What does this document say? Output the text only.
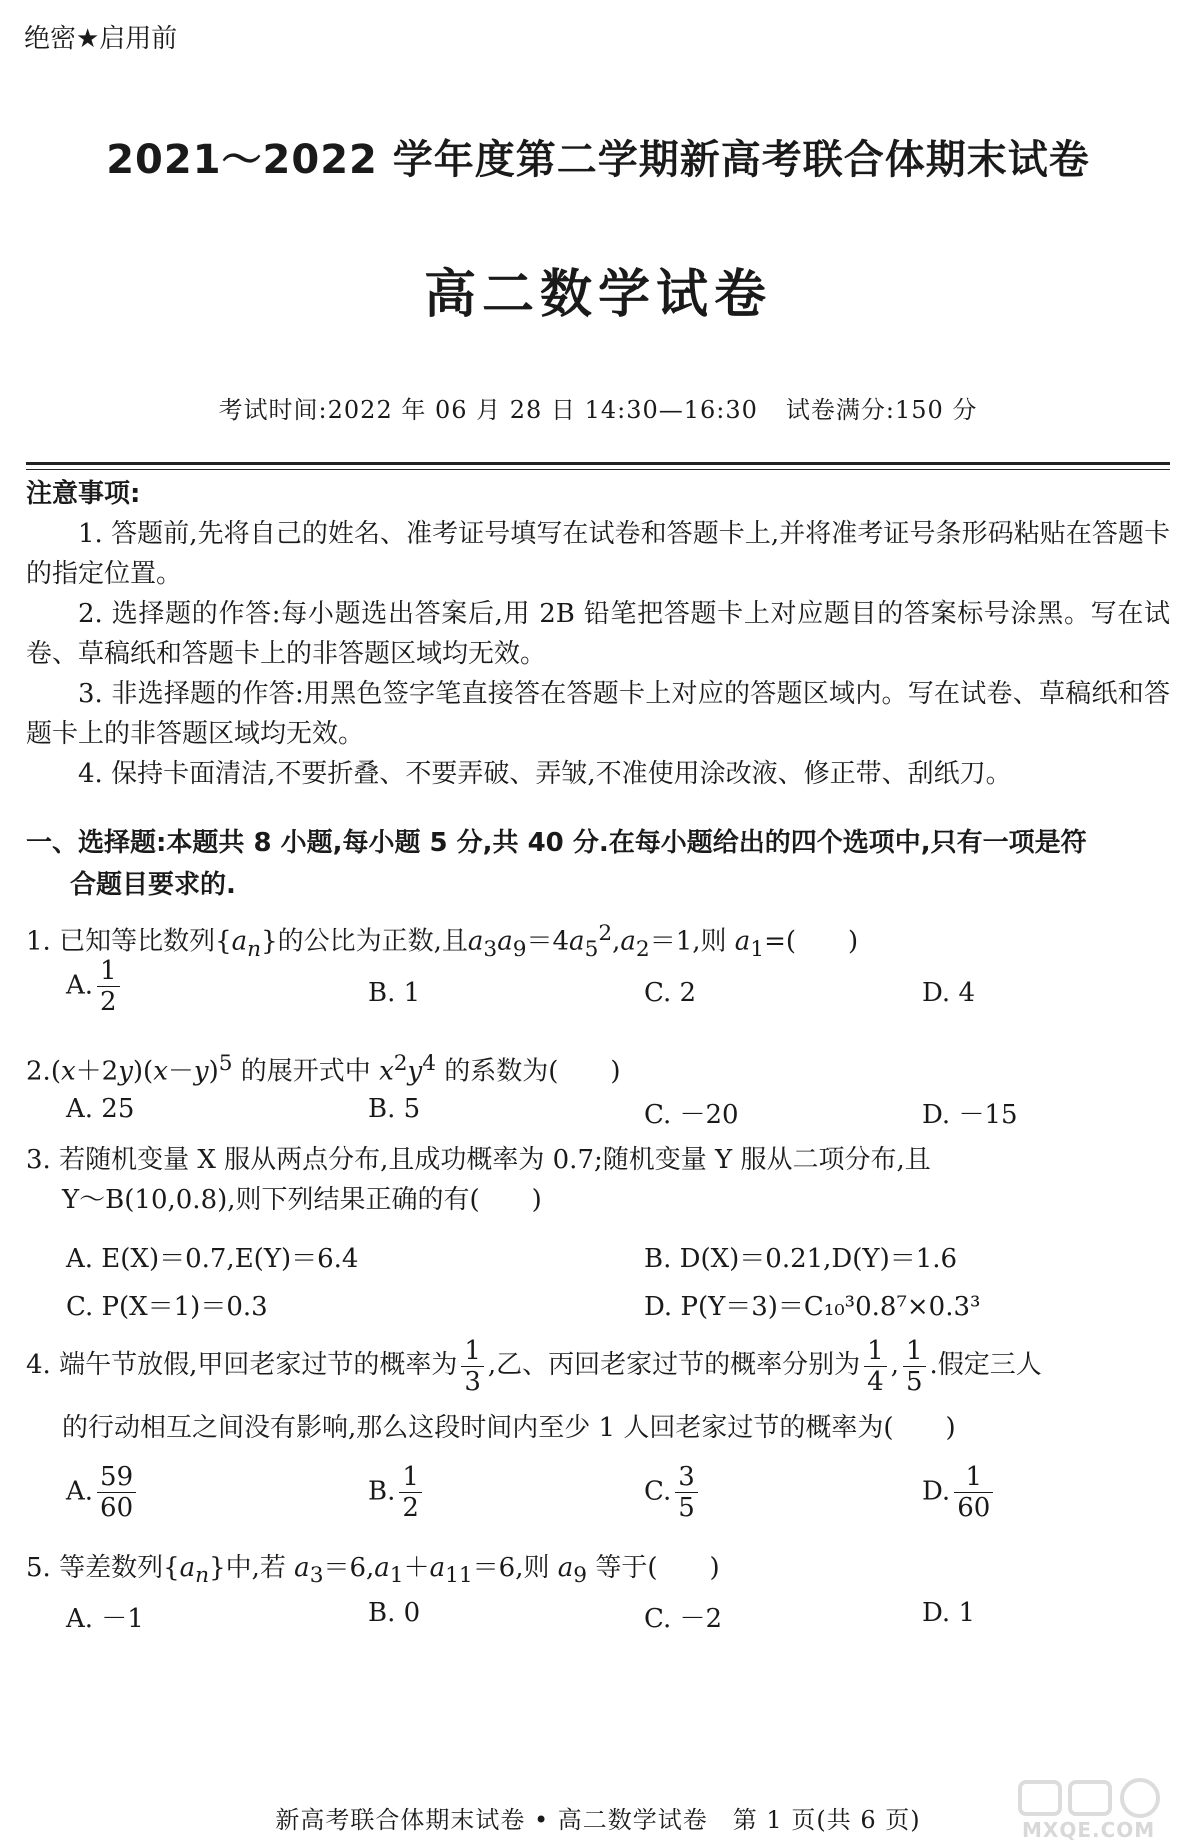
绝密★启用前
2021～2022 学年度第二学期新高考联合体期末试卷
高二数学试卷
考试时间:2022 年 06 月 28 日 14:30—16:30 试卷满分:150 分
注意事项:
1. 答题前,先将自己的姓名、准考证号填写在试卷和答题卡上,并将准考证号条形码粘贴在答题卡的指定位置。
2. 选择题的作答:每小题选出答案后,用 2B 铅笔把答题卡上对应题目的答案标号涂黑。写在试卷、草稿纸和答题卡上的非答题区域均无效。
3. 非选择题的作答:用黑色签字笔直接答在答题卡上对应的答题区域内。写在试卷、草稿纸和答题卡上的非答题区域均无效。
4. 保持卡面清洁,不要折叠、不要弄破、弄皱,不准使用涂改液、修正带、刮纸刀。
一、选择题:本题共 8 小题,每小题 5 分,共 40 分.在每小题给出的四个选项中,只有一项是符
合题目要求的.
1. 已知等比数列$\{a_n\}$的公比为正数,且$a_3a_9=4a_5^2,a_2=1$,则 $a_1=$(　　)
A. $\frac{1}{2}$	B. 1	C. 2	D. 4
$2.(x+2y)(x-y)^5$ 的展开式中 $x^2y^4$ 的系数为(　　)
A. 25	B. 5	C. －20	D. －15
3. 若随机变量 X 服从两点分布,且成功概率为 0.7;随机变量 Y 服从二项分布,且
Y～B(10,0.8),则下列结果正确的有(　　)
A. E(X)＝0.7,E(Y)＝6.4	B. D(X)＝0.21,D(Y)＝1.6
C. P(X＝1)＝0.3	D. P(Y＝3)＝C₁₀³0.8⁷×0.3³
4. 端午节放假,甲回老家过节的概率为 $\frac{1}{3}$ ,乙、丙回老家过节的概率分别为 $\frac{1}{4}$ , $\frac{1}{5}$ .假定三人
的行动相互之间没有影响,那么这段时间内至少 1 人回老家过节的概率为(　　)
A. $\frac{59}{60}$	B. $\frac{1}{2}$	C. $\frac{3}{5}$	D. $\frac{1}{60}$
5. 等差数列$\{a_n\}$中,若 $a_3=6,a_1+a_{11}=6$,则 $a_9$ 等于(　　)
A. －1	B. 0	C. －2	D. 1
新高考联合体期末试卷 • 高二数学试卷　第 1 页(共 6 页)	MXQE.COM
